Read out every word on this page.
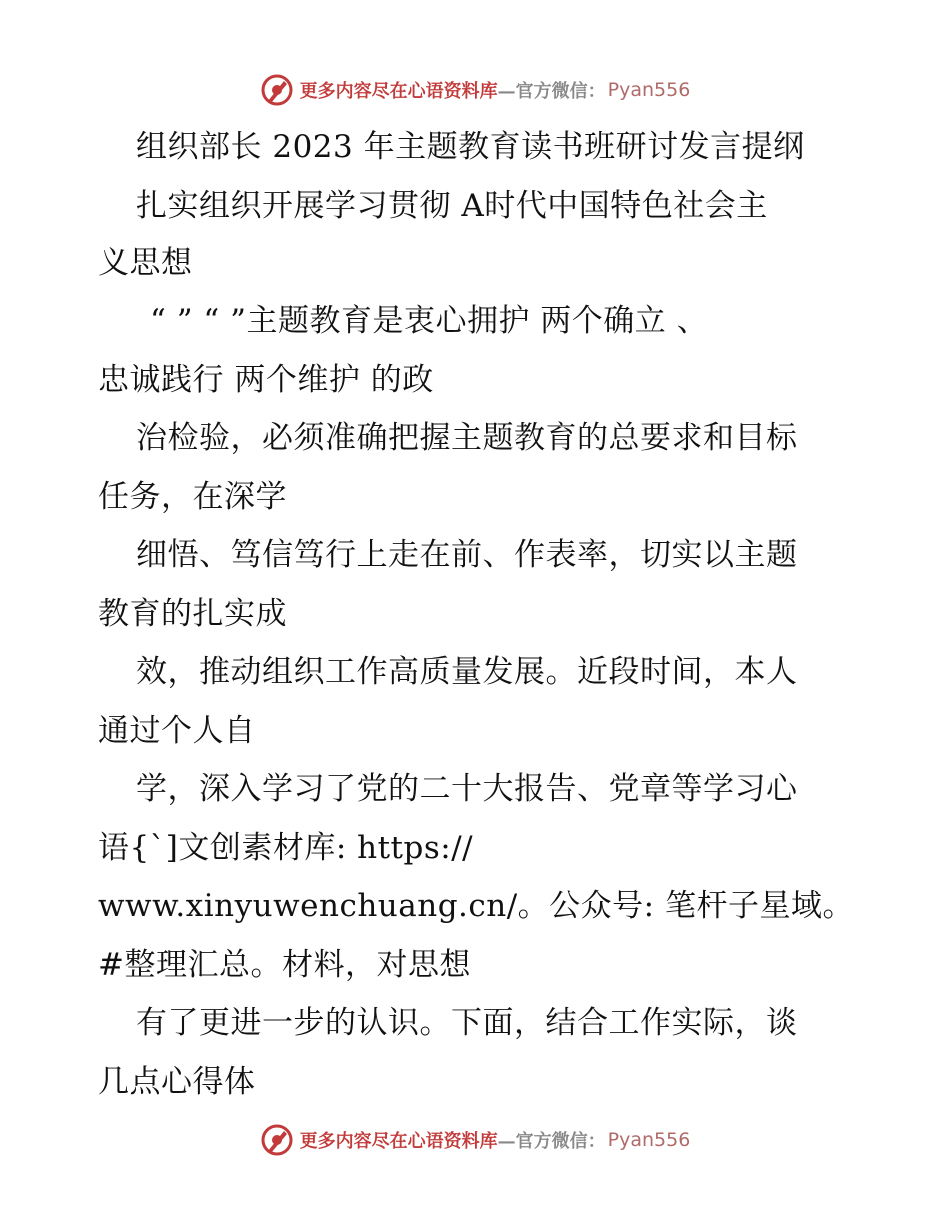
更多内容尽在心语资料库 —官方微信： Pyan556
组织部长 2023 年主题教育读书班研讨发言提纲
扎实组织开展学习贯彻 A时代中国特色社会主
义思想
“ ” “ ”主题教育是衷心拥护 两个确立 、
忠诚践行 两个维护 的政
治检验，必须准确把握主题教育的总要求和目标
任务，在深学
细悟、笃信笃行上走在前、作表率，切实以主题
教育的扎实成
效，推动组织工作高质量发展。近段时间，本人
通过个人自
学，深入学习了党的二十大报告、党章等学习心
语{`]文创素材库: https://
www.xinyuwenchuang.cn/。公众号: 笔杆子星域。
#整理汇总。材料，对思想
有了更进一步的认识。下面，结合工作实际，谈
几点心得体
更多内容尽在心语资料库 —官方微信： Pyan556
